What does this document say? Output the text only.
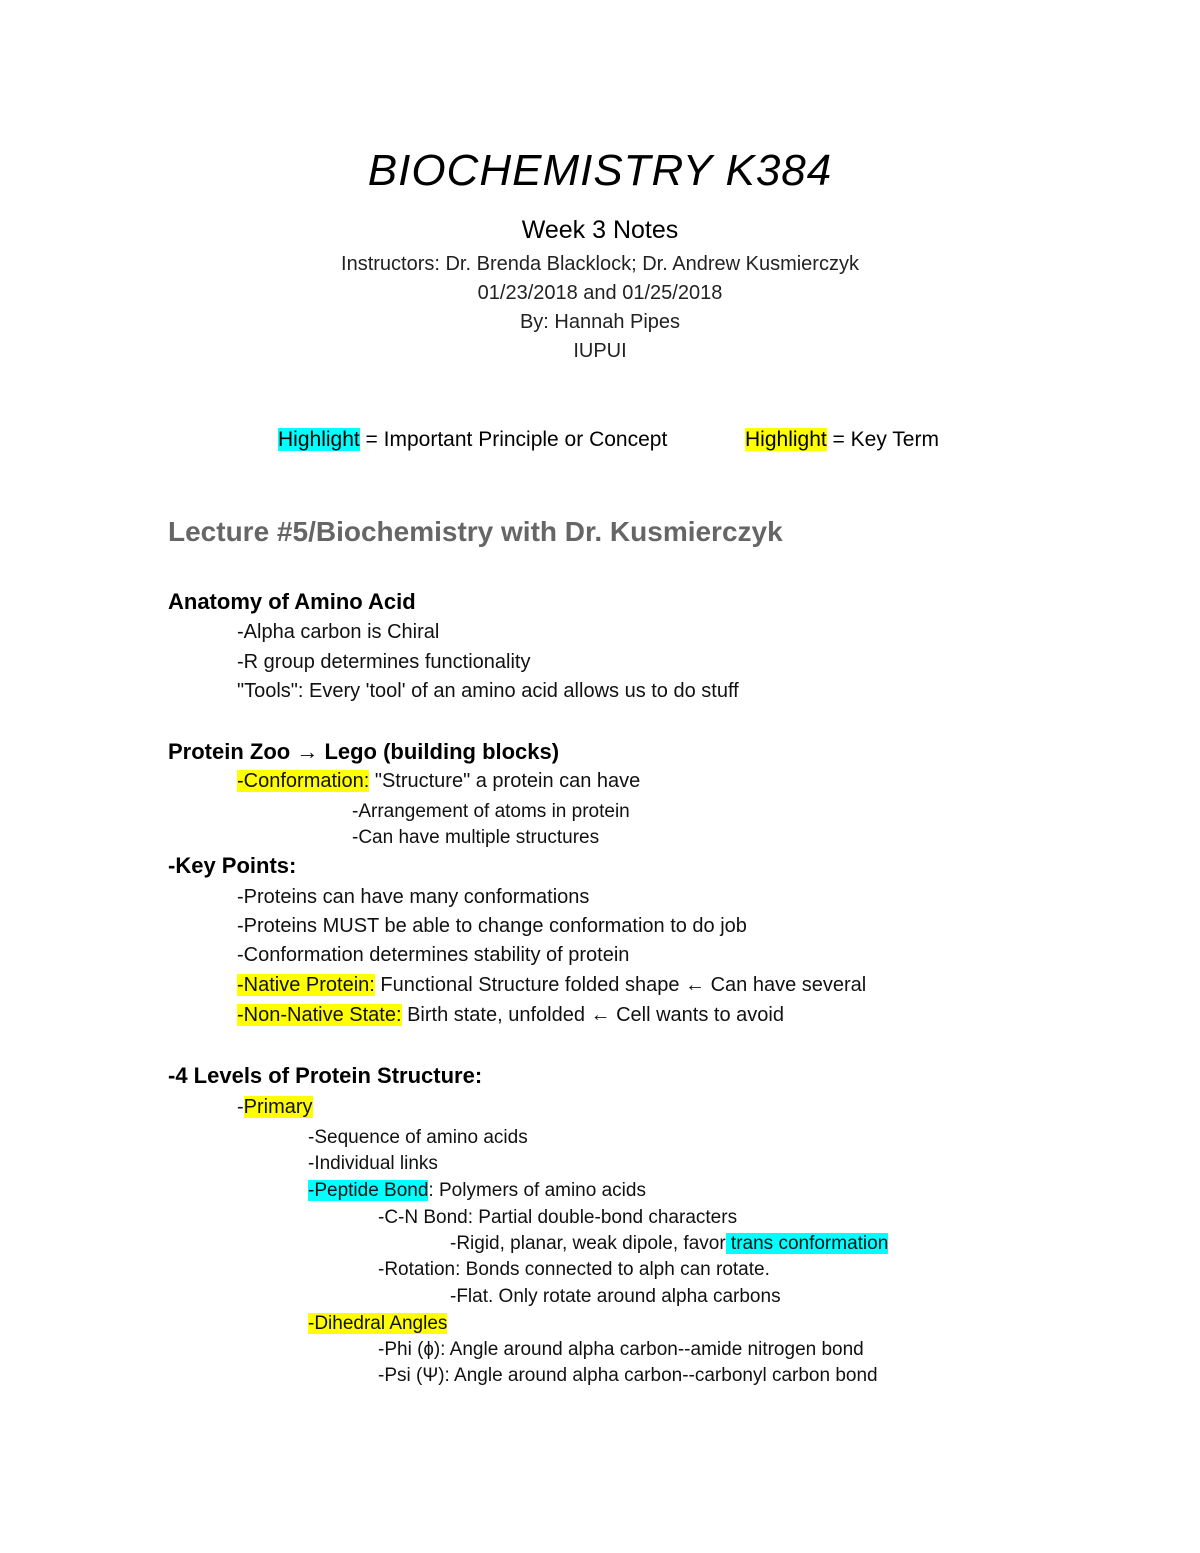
BIOCHEMISTRY K384
Week 3 Notes
Instructors: Dr. Brenda Blacklock; Dr. Andrew Kusmierczyk
01/23/2018 and 01/25/2018
By: Hannah Pipes
IUPUI
Highlight = Important Principle or Concept	Highlight = Key Term
Lecture #5/Biochemistry with Dr. Kusmierczyk
Anatomy of Amino Acid
-Alpha carbon is Chiral
-R group determines functionality
"Tools": Every 'tool' of an amino acid allows us to do stuff
Protein Zoo → Lego (building blocks)
-Conformation: "Structure" a protein can have
-Arrangement of atoms in protein
-Can have multiple structures
-Key Points:
-Proteins can have many conformations
-Proteins MUST be able to change conformation to do job
-Conformation determines stability of protein
-Native Protein: Functional Structure folded shape ← Can have several
-Non-Native State: Birth state, unfolded ← Cell wants to avoid
-4 Levels of Protein Structure:
-Primary
-Sequence of amino acids
-Individual links
-Peptide Bond: Polymers of amino acids
-C-N Bond: Partial double-bond characters
-Rigid, planar, weak dipole, favor trans conformation
-Rotation: Bonds connected to alph can rotate.
-Flat. Only rotate around alpha carbons
-Dihedral Angles
-Phi (ɸ): Angle around alpha carbon--amide nitrogen bond
-Psi (Ψ): Angle around alpha carbon--carbonyl carbon bond
